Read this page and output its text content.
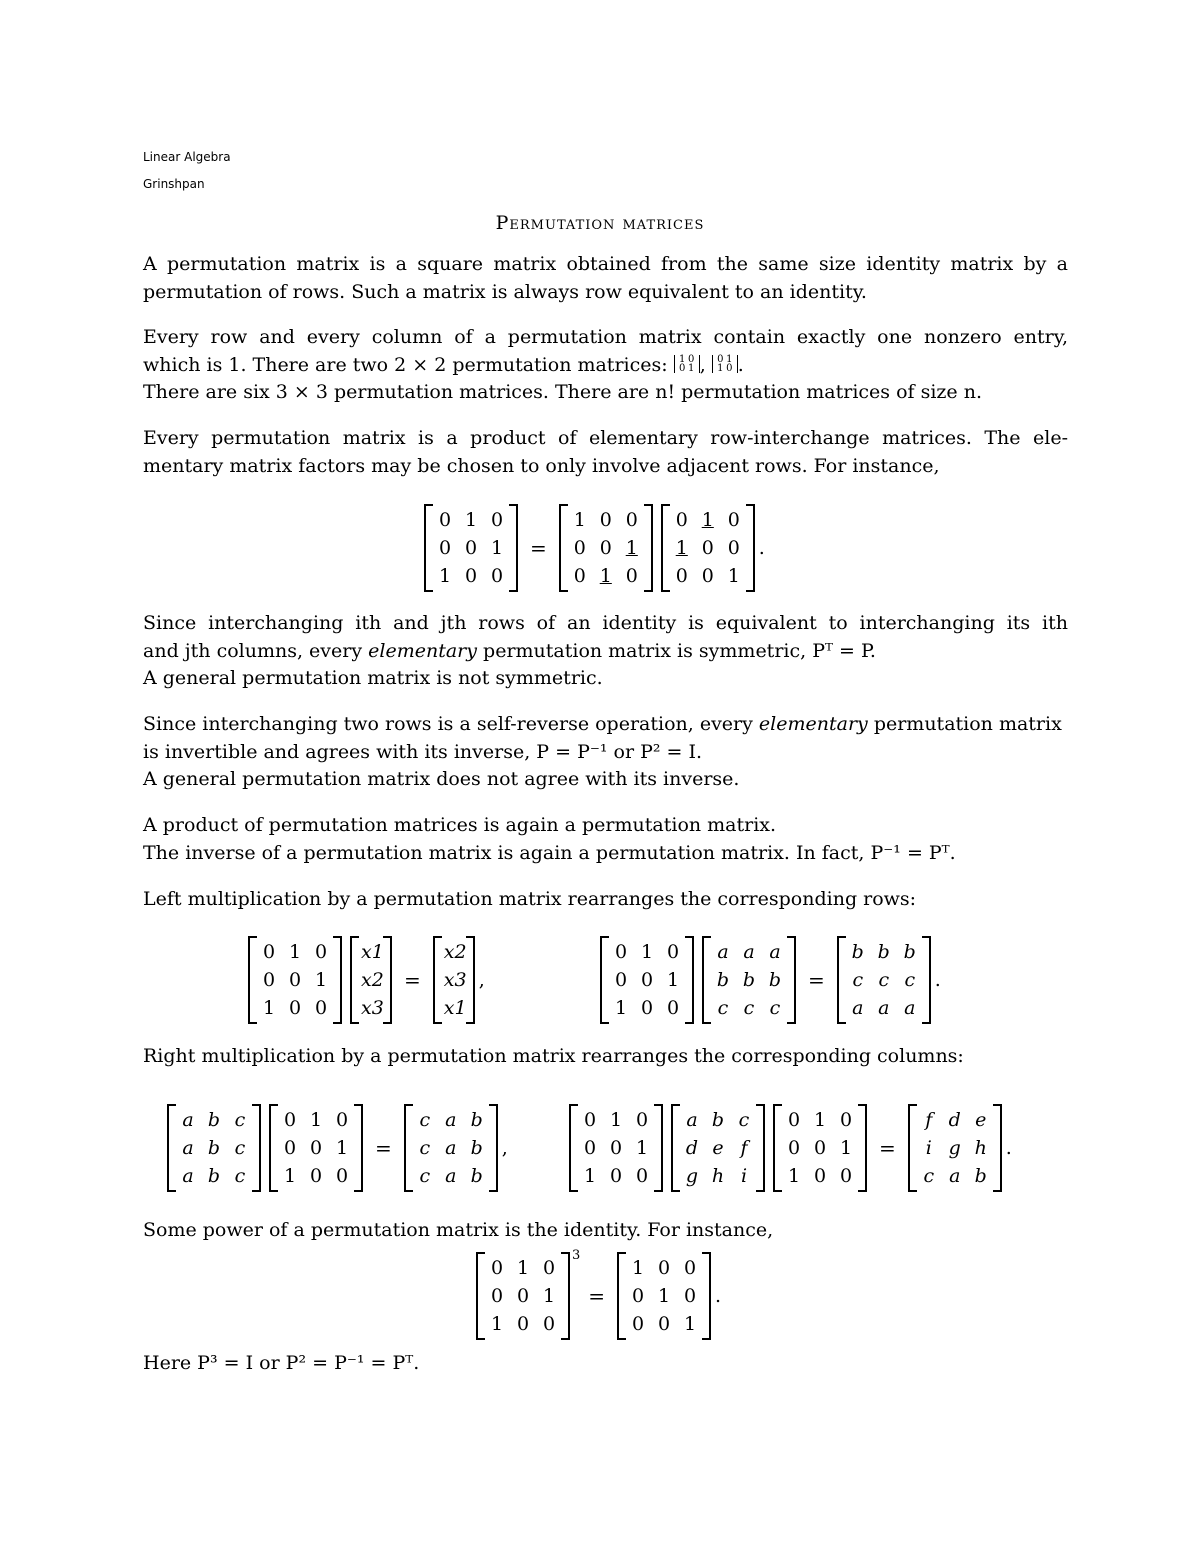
Linear Algebra
Grinshpan
Permutation matrices
A permutation matrix is a square matrix obtained from the same size identity matrix by a
permutation of rows. Such a matrix is always row equivalent to an identity.
Every row and every column of a permutation matrix contain exactly one nonzero entry,
which is 1. There are two 2 × 2 permutation matrices: 1 0
0 1 , 0 1
1 0 .
There are six 3 × 3 permutation matrices. There are n! permutation matrices of size n.
Every permutation matrix is a product of elementary row-interchange matrices. The ele-
mentary matrix factors may be chosen to only involve adjacent rows. For instance,
0 1 0
0 0 1
1 0 0
=
1 0 0
0 0 1
0 1 0
0 1 0
1 0 0
0 0 1
.
Since interchanging ith and jth rows of an identity is equivalent to interchanging its ith
and jth columns, every elementary permutation matrix is symmetric, Pᵀ = P.
A general permutation matrix is not symmetric.
Since interchanging two rows is a self-reverse operation, every elementary permutation matrix
is invertible and agrees with its inverse, P = P⁻¹ or P² = I.
A general permutation matrix does not agree with its inverse.
A product of permutation matrices is again a permutation matrix.
The inverse of a permutation matrix is again a permutation matrix. In fact, P⁻¹ = Pᵀ.
Left multiplication by a permutation matrix rearranges the corresponding rows:
0 1 0
0 0 1
1 0 0
x1
x2
x3
=
x2
x3
x1
,
0 1 0
0 0 1
1 0 0
a a a
b b b
c c c
=
b b b
c c c
a a a
.
Right multiplication by a permutation matrix rearranges the corresponding columns:
a b c
a b c
a b c
0 1 0
0 0 1
1 0 0
=
c a b
c a b
c a b
,
0 1 0
0 0 1
1 0 0
a b c
d e f
g h i
0 1 0
0 0 1
1 0 0
=
f d e
i g h
c a b
.
Some power of a permutation matrix is the identity. For instance,
0 1 0
0 0 1
1 0 0
3
=
1 0 0
0 1 0
0 0 1
.
Here P³ = I or P² = P⁻¹ = Pᵀ.
